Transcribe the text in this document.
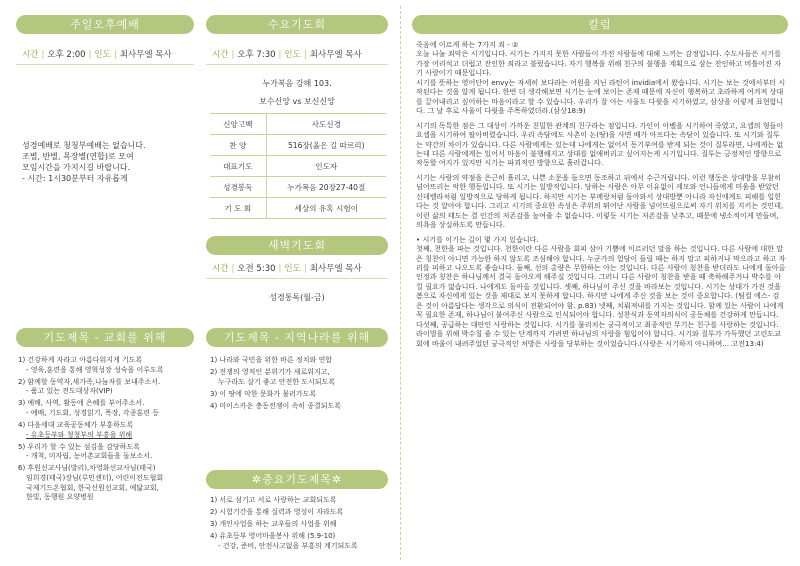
주일오후예배
시간 | 오후 2:00 | 인도 | 최사무엘 목사
성경예배로 청청부예배는 없습니다.
조별, 반별, 목장별(연합)로 모여
모임시간을 가지시길 바랍니다.
- 시간: 1시30분부터 자유롭게
수요기도회
시간 | 오후 7:30 | 인도 | 최사무엘 목사
누가복음 강해 103.
보수신앙 vs 보신신앙
신앙고백	사도신경
찬 양	516장(옳은 길 따르리)
대표기도	인도자
성경봉독	누가복음 20장27-40절
기 도 회	세상의 유혹 시험이
새벽기도회
시간 | 오전 5:30 | 인도 | 최사무엘 목사
성경통독(월-금)
기도제목 - 교회를 위해
1) 건강하게 자라고 아름다워지게 기도록
- 영육,훈련을 통해 영혁성장 성숙을 이루도록
2) 함께할 동역자,새가족,나눔자를 보내주소서.
- 품고 있는 전도대상자(VIP)
3) 예배, 사역, 활동에 은혜를 부어주소서.
- 예배, 기도회, 성경읽기, 목장, 각종훈련 등
4) 다음세대 교육공동체가 부흥하도록
- 유초등부와 청청부의 부흥을 위해
5) 우리가 할 수 있는 섬김을 감당하도록
- 개척, 미자립, 농어촌교회들을 돌보소서.
6) 후원선교사님(발리),차영화선교사님(태국)
임희경(태국)장님(루민센터), 어린이전도협회
국제기드온협회, 한국선원선교회, 예닮교회,
한빛, 동행원 요양병원
기도제목 - 지역나라를 위해
1) 나라와 국민을 위한 바른 정치와 연합
2) 전쟁의 영적인 분위기가 새로워지고,
누구라도 살기 좋고 안전한 도시되도록
3) 이 땅에 악한 문화가 물러가도록
4) 미이스카운 충동전쟁이 속히 종결되도록
✲중요기도제목✲
1) 서로 섬기고 서로 사랑하는 교회되도록
2) 시험기간을 통해 실력과 영성이 자라도록
3) 개인사업을 하는 교우들의 사업을 위해
4) 유초등부 영어마을봉사 위해 (5.9-10)
- 건강, 준비, 안전사고없을 부흥의 계기되도록
칼럼

죽음에 이르게 하는 7가지 죄 - ②

오늘 나눌 죄악은 시기입니다. 시기는 가지지 못한 사람들이 가진 사람들에 대해 느끼는 감정입니다. 수도사들은 시기를 가장 어리석고 더럽고 잔인한 죄라고 불렀습니다. 자기 행복을 위해 친구의 불행을 계획으로 삼는 잔인하고 비틀어진 자기 사랑이기 때문입니다.

시기를 뜻하는 영어단어 envy는 자세히 보다라는 어원을 지닌 라틴어 invidia에서 왔습니다. 시기는 보는 것에서부터 시작된다는 것을 알게 됩니다. 한번 더 생각해보면 시기는 눈에 보이는 존재 때문에 자신이 행복하고 초라하게 여겨져 상대를 끌어내리고 싶어하는 마음이라고 할 수 있습니다. 우리가 잘 아는 사울도 다윗을 시기하였고, 삼상을 이렇게 표현합니다. 그 날 후로 사울이 다윗을 주목하였더라.(삼상18:9)

시기의 독특한 점은 그 대상이 가까운 친밀한 관계의 친구라는 점입니다. 가인이 아벨을 시기하여 죽였고, 요셉의 형들이 요셉을 시기하여 팔아버렸습니다. 우리 속담에도 사촌이 논(땅)을 사면 배가 아프다는 속담이 있습니다. 또 시기와 질투는 약간의 차이가 있습니다. 다른 사람에게는 있는데 나에게는 없어서 동기부여를 받게 되는 것이 질투라면, 나에게는 없는데 다른 사람에게는 있어서 마음이 불행해지고 상대를 없애버리고 싶어지는게 시기입니다. 질투는 긍정적인 방향으로 작동할 여지가 있지만 시기는 파괴적인 방향으로 흘러갑니다.

시기는 사람의 약점을 은근히 흘리고, 나쁜 소문을 들으면 동조하고 뒤에서 수근거립니다. 이런 행동은 상대방을 무참히 넘어뜨리는 악한 행동입니다. 또 시기는 일방적입니다. 당하는 사람은 아무 이유없이 게모와 언니들에게 미움을 받았던 신데렐라처럼 일방적으로 당하게 됩니다. 하지만 시기는 부메랑처럼 돌아와서 상대방뿐 아니라 자신에게도 피해를 입힌다는 것 알아야 합니다. 그리고 시기의 중요한 속성은 주위의 뛰어난 사람을 넘어뜨림으로써 자기 위치를 지키는 것인데, 이런 삶의 태도는 결 인간의 저존감을 높여줄 수 없습니다. 이렇듯 시기는 저존감을 낮추고, 때문에 냉소적이게 만들며, 의욕을 상실하도록 만듭니다.

• 시기를 이기는 길이 몇 가지 있습니다.

첫째, 천한을 파는 것입니다. 천한이란 다른 사람을 회피 삼아 기쁨에 이르러던 말을 하는 것입니다. 다른 사람에 대한 말은 칭찬이 아니면 가능한 하지 않도록 조심해야 합니다. 누군가의 험담이 들릴 때는 하지 말고 피하거나 막으라고 하고 자리를 피하고 나오도록 좋습니다. 둘째, 선의 총량은 무한하는 아는 것입니다. 다른 사람이 칭찬을 받더라도 나에게 돌아올 인정과 칭찬은 하나님께서 결국 돌아오게 해주실 것입니다. 그러니 다른 사람이 칭찬을 받을 때 축하해주거나 박수를 아낄 필요가 없습니다. 나에게도 돌아올 것입니다. 셋째, 하나님이 주신 것을 바라보는 것입니다. 시기는 상대가 가진 것을 봄으로 자신에게 있는 것을 제대로 보지 못하게 합니다. 하지만 나에게 주신 것을 보는 것이 중요합니다. (팀컬 에스- 검은 것이 아름답다는 생각으로 의식이 전환되어야 함. p.83) 넷째, 치뤄져내를 가지는 것입니다. 함께 있는 사람이 나에게 꼭 필요한 존재, 하나님이 붙여주신 사람으로 인식되어야 합니다. 성찬식과 동역자의식이 공동체를 건강하게 만듭니다. 다섯째, 공급하는 대안인 사랑하는 것입니다. 시기를 물리치는 궁극적이고 최종적인 무기는 친구를 사랑하는 것입니다. 라이벌을 위해 박수칠 줄 수 있는 단계까지 가려면 하나님의 사랑을 힘입어야 합니다. 시기와 질투가 가득했던 고린도교회에 바울이 내려주었던 궁극적인 처방은 사랑을 당부하는 것이었습니다.(사랑은 시기하지 아니하며... 고전13:4)
